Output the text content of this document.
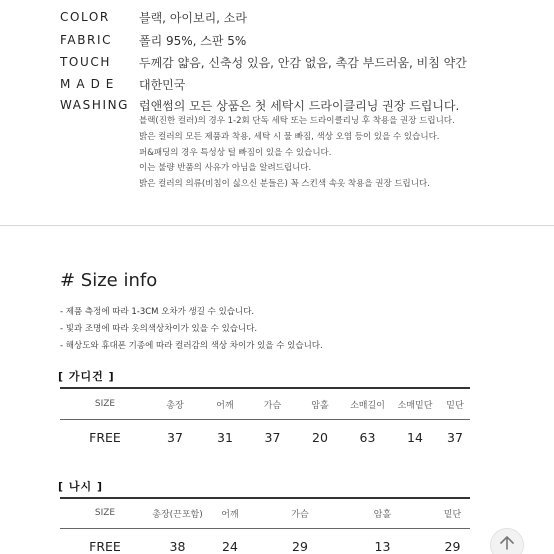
COLOR	블랙, 아이보리, 소라
FABRIC	폴리 95%, 스판 5%
TOUCH	두께감 얇음, 신축성 있음, 안감 없음, 촉감 부드러움, 비침 약간
MADE	대한민국
WASHING 럽앤썸의 모든 상품은 첫 세탁시 드라이클리닝 권장 드립니다.
블랙(진한 컬러)의 경우 1-2회 단독 세탁 또는 드라이클리닝 후 착용을 권장 드립니다.
밝은 컬러의 모든 제품과 착용, 세탁 시 물 빠짐, 색상 오염 등이 있을 수 있습니다.
퍼&패딩의 경우 특성상 털 빠짐이 있을 수 있습니다.
이는 불량 반품의 사유가 아님을 알려드립니다.
밝은 컬러의 의류(비침이 싫으신 분들은) 꼭 스킨색 속옷 착용을 권장 드립니다.
# Size info
- 제품 측정에 따라 1-3CM 오차가 생길 수 있습니다.
- 빛과 조명에 따라 옷의색상차이가 있을 수 있습니다.
- 해상도와 휴대폰 기종에 따라 컬러감의 색상 차이가 있을 수 있습니다.
[ 가디건 ]
SIZE	총장	어깨	가슴	암홀	소매길이	소매밑단	밑단
FREE	37	31	37	20	63	14	37
[ 나시 ]
SIZE	총장(끈포함)	어깨	가슴	암홀	밑단
FREE	38	24	29	13	29
